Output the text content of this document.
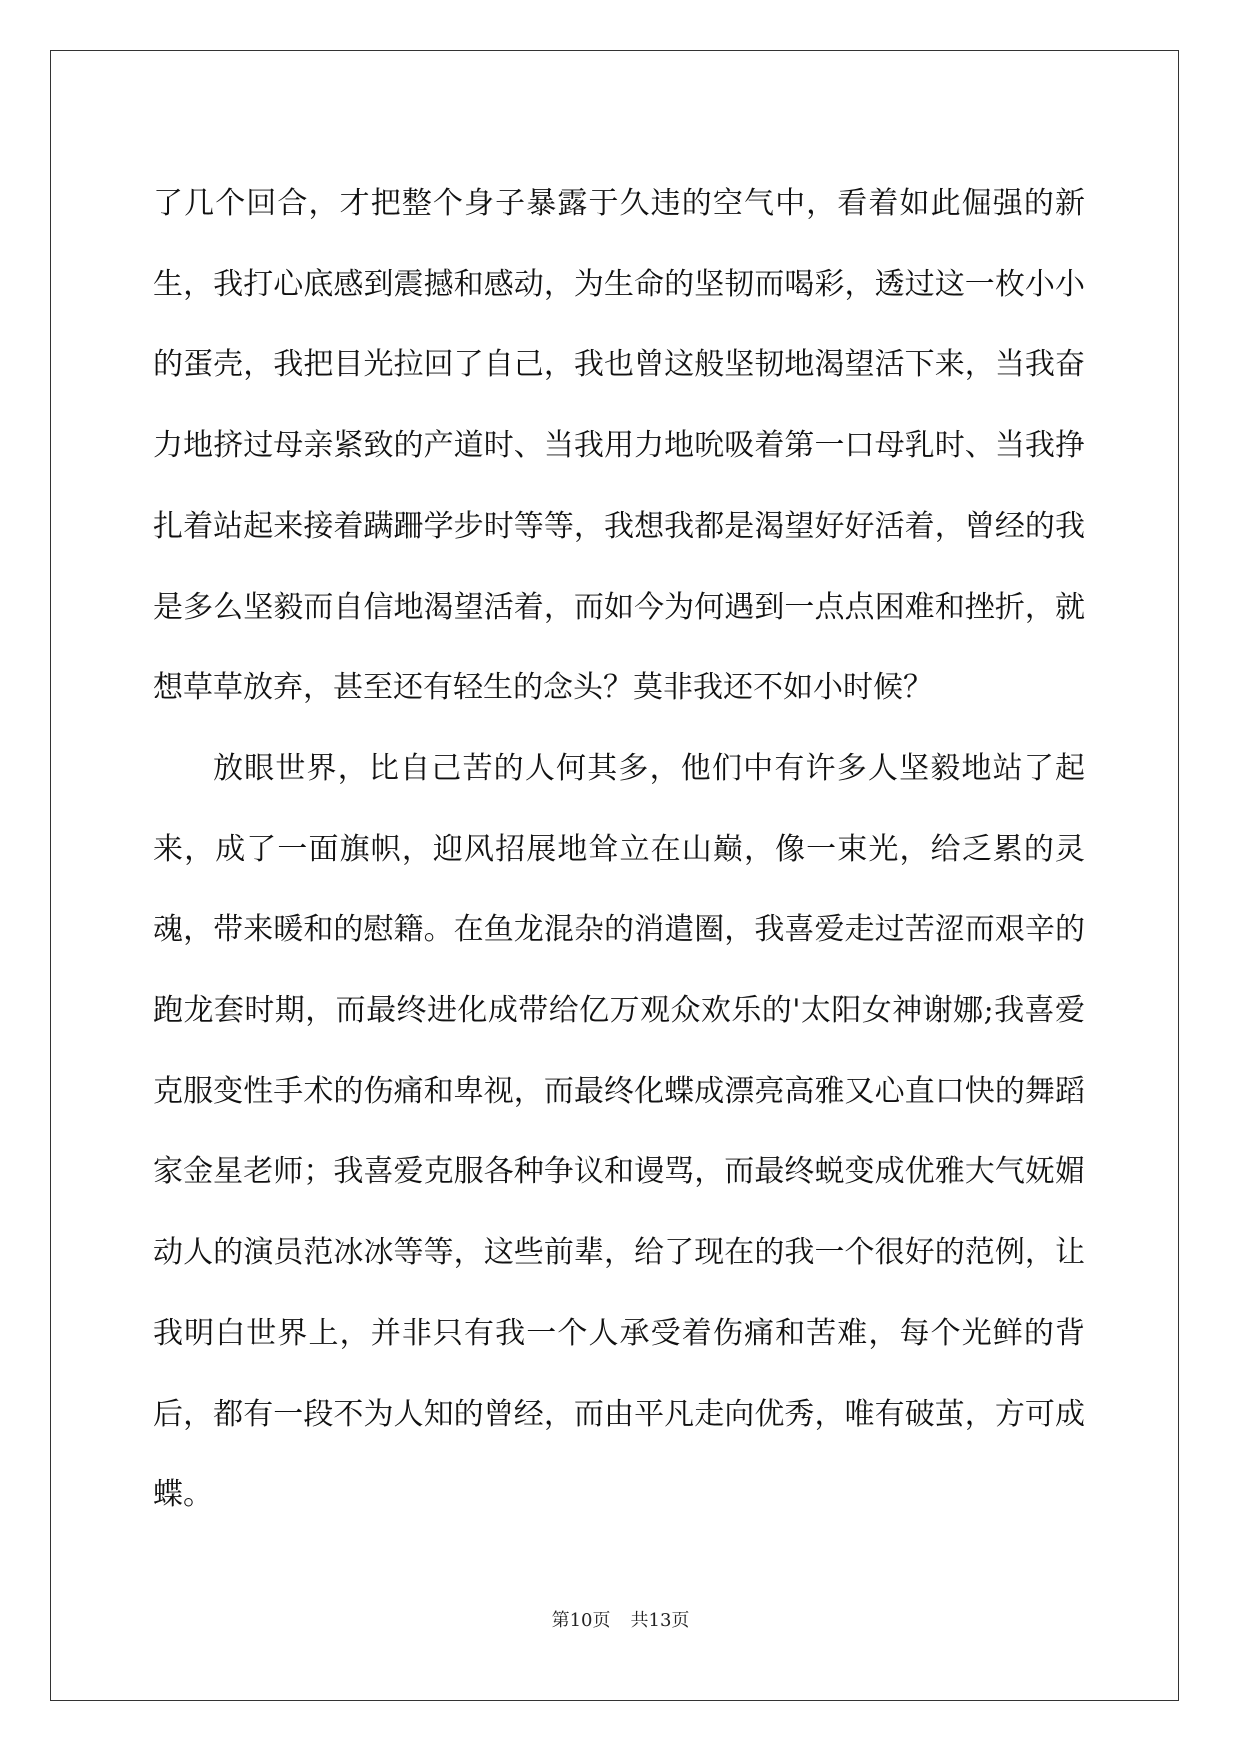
了几个回合，才把整个身子暴露于久违的空气中，看着如此倔强的新生，我打心底感到震撼和感动，为生命的坚韧而喝彩，透过这一枚小小的蛋壳，我把目光拉回了自己，我也曾这般坚韧地渴望活下来，当我奋力地挤过母亲紧致的产道时、当我用力地吮吸着第一口母乳时、当我挣扎着站起来接着蹒跚学步时等等，我想我都是渴望好好活着，曾经的我是多么坚毅而自信地渴望活着，而如今为何遇到一点点困难和挫折，就想草草放弃，甚至还有轻生的念头？莫非我还不如小时候？

放眼世界，比自己苦的人何其多，他们中有许多人坚毅地站了起来，成了一面旗帜，迎风招展地耸立在山巅，像一束光，给乏累的灵魂，带来暖和的慰籍。在鱼龙混杂的消遣圈，我喜爱走过苦涩而艰辛的跑龙套时期，而最终进化成带给亿万观众欢乐的'太阳女神谢娜;我喜爱克服变性手术的伤痛和卑视，而最终化蝶成漂亮高雅又心直口快的舞蹈家金星老师；我喜爱克服各种争议和谩骂，而最终蜕变成优雅大气妩媚动人的演员范冰冰等等，这些前辈，给了现在的我一个很好的范例，让我明白世界上，并非只有我一个人承受着伤痛和苦难，每个光鲜的背后，都有一段不为人知的曾经，而由平凡走向优秀，唯有破茧，方可成蝶。

第10页 共13页
